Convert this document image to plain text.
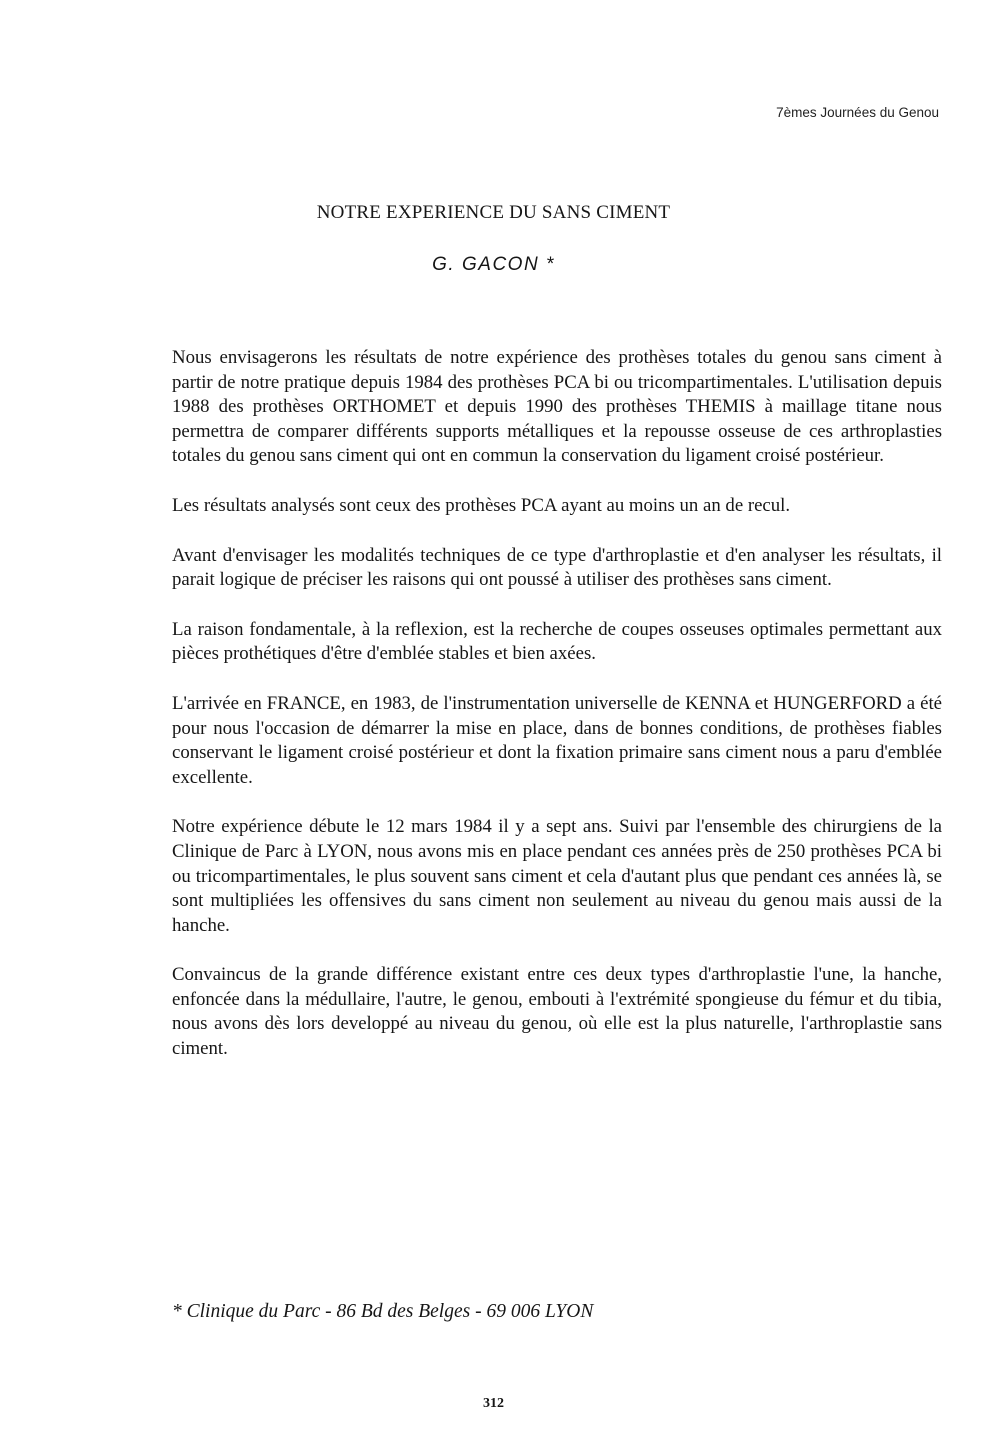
7èmes Journées du Genou
NOTRE EXPERIENCE DU SANS CIMENT
G. GACON *

Nous envisagerons les résultats de notre expérience des prothèses totales du genou sans ciment à partir de notre pratique depuis 1984 des prothèses PCA bi ou tricompartimentales. L'utilisation depuis 1988 des prothèses ORTHOMET et depuis 1990 des prothèses THEMIS à maillage titane nous permettra de comparer différents supports métalliques et la repousse osseuse de ces arthroplasties totales du genou sans ciment qui ont en commun la conservation du ligament croisé postérieur.

Les résultats analysés sont ceux des prothèses PCA ayant au moins un an de recul.

Avant d'envisager les modalités techniques de ce type d'arthroplastie et d'en analyser les résultats, il parait logique de préciser les raisons qui ont poussé à utiliser des prothèses sans ciment.

La raison fondamentale, à la reflexion, est la recherche de coupes osseuses optimales permettant aux pièces prothétiques d'être d'emblée stables et bien axées.

L'arrivée en FRANCE, en 1983, de l'instrumentation universelle de KENNA et HUNGERFORD a été pour nous l'occasion de démarrer la mise en place, dans de bonnes conditions, de prothèses fiables conservant le ligament croisé postérieur et dont la fixation primaire sans ciment nous a paru d'emblée excellente.

Notre expérience débute le 12 mars 1984 il y a sept ans. Suivi par l'ensemble des chirurgiens de la Clinique de Parc à LYON, nous avons mis en place pendant ces années près de 250 prothèses PCA bi ou tricompartimentales, le plus souvent sans ciment et cela d'autant plus que pendant ces années là, se sont multipliées les offensives du sans ciment non seulement au niveau du genou mais aussi de la hanche.

Convaincus de la grande différence existant entre ces deux types d'arthroplastie l'une, la hanche, enfoncée dans la médullaire, l'autre, le genou, embouti à l'extrémité spongieuse du fémur et du tibia, nous avons dès lors developpé au niveau du genou, où elle est la plus naturelle, l'arthroplastie sans ciment.

* Clinique du Parc - 86 Bd des Belges - 69 006 LYON
312
